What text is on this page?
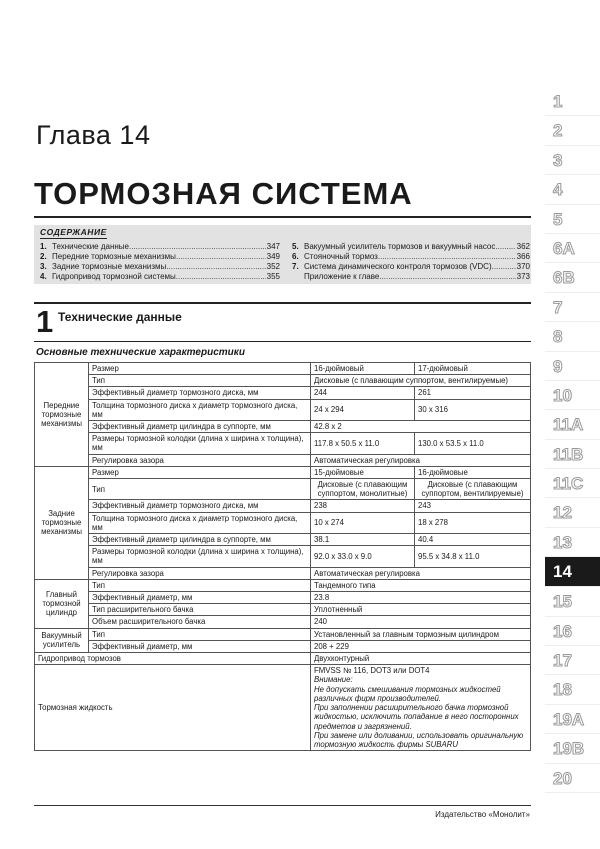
Глава 14
ТОРМОЗНАЯ СИСТЕМА
СОДЕРЖАНИЕ
1. Технические данные .....	347
2. Передние тормозные механизмы .....	349
3. Задние тормозные механизмы .....	352
4. Гидропривод тормозной системы .....	355
5. Вакуумный усилитель тормозов и вакуумный насос .....	362
6. Стояночный тормоз .....	366
7. Система динамического контроля тормозов (VDC) .....	370
Приложение к главе .....	373
1 Технические данные
Основные технические характеристики
Передние тормозные механизмы	Размер	16-дюймовый	17-дюймовый
	Тип	Дисковые (с плавающим суппортом, вентилируемые)	
	Эффективный диаметр тормозного диска, мм	244	261
	Толщина тормозного диска х диаметр тормозного диска, мм	24 х 294	30 х 316
	Эффективный диаметр цилиндра в суппорте, мм	42.8 х 2	
	Размеры тормозной колодки (длина х ширина х толщина), мм	117.8 х 50.5 х 11.0	130.0 х 53.5 х 11.0
	Регулировка зазора	Автоматическая регулировка	
Задние тормозные механизмы	Размер	15-дюймовые	16-дюймовые
	Тип	Дисковые (с плавающим суппортом, монолитные)	Дисковые (с плавающим суппортом, вентилируемые)
	Эффективный диаметр тормозного диска, мм	238	243
	Толщина тормозного диска х диаметр тормозного диска, мм	10 х 274	18 х 278
	Эффективный диаметр цилиндра в суппорте, мм	38.1	40.4
	Размеры тормозной колодки (длина х ширина х толщина), мм	92.0 х 33.0 х 9.0	95.5 х 34.8 х 11.0
	Регулировка зазора	Автоматическая регулировка	
Главный тормозной цилиндр	Тип	Тандемного типа	
	Эффективный диаметр, мм	23.8	
	Тип расширительного бачка	Уплотненный	
	Объем расширительного бачка	240	
Вакуумный усилитель	Тип	Установленный за главным тормозным цилиндром	
	Эффективный диаметр, мм	208 + 229	
Гидропривод тормозов		Двухконтурный	
Тормозная жидкость		FMVSS № 116, DOT3 или DOT4
Внимание:
Не допускать смешивания тормозных жидкостей различных фирм производителей.
При заполнении расширительного бачка тормозной жидкостью, исключить попадание в него посторонних предметов и загрязнений.
При замене или доливании, использовать оригинальную тормозную жидкость фирмы SUBARU	
Издательство «Монолит»
1
2
3
4
5
6A
6B
7
8
9
10
11A
11B
11C
12
13
14
15
16
17
18
19A
19B
20
